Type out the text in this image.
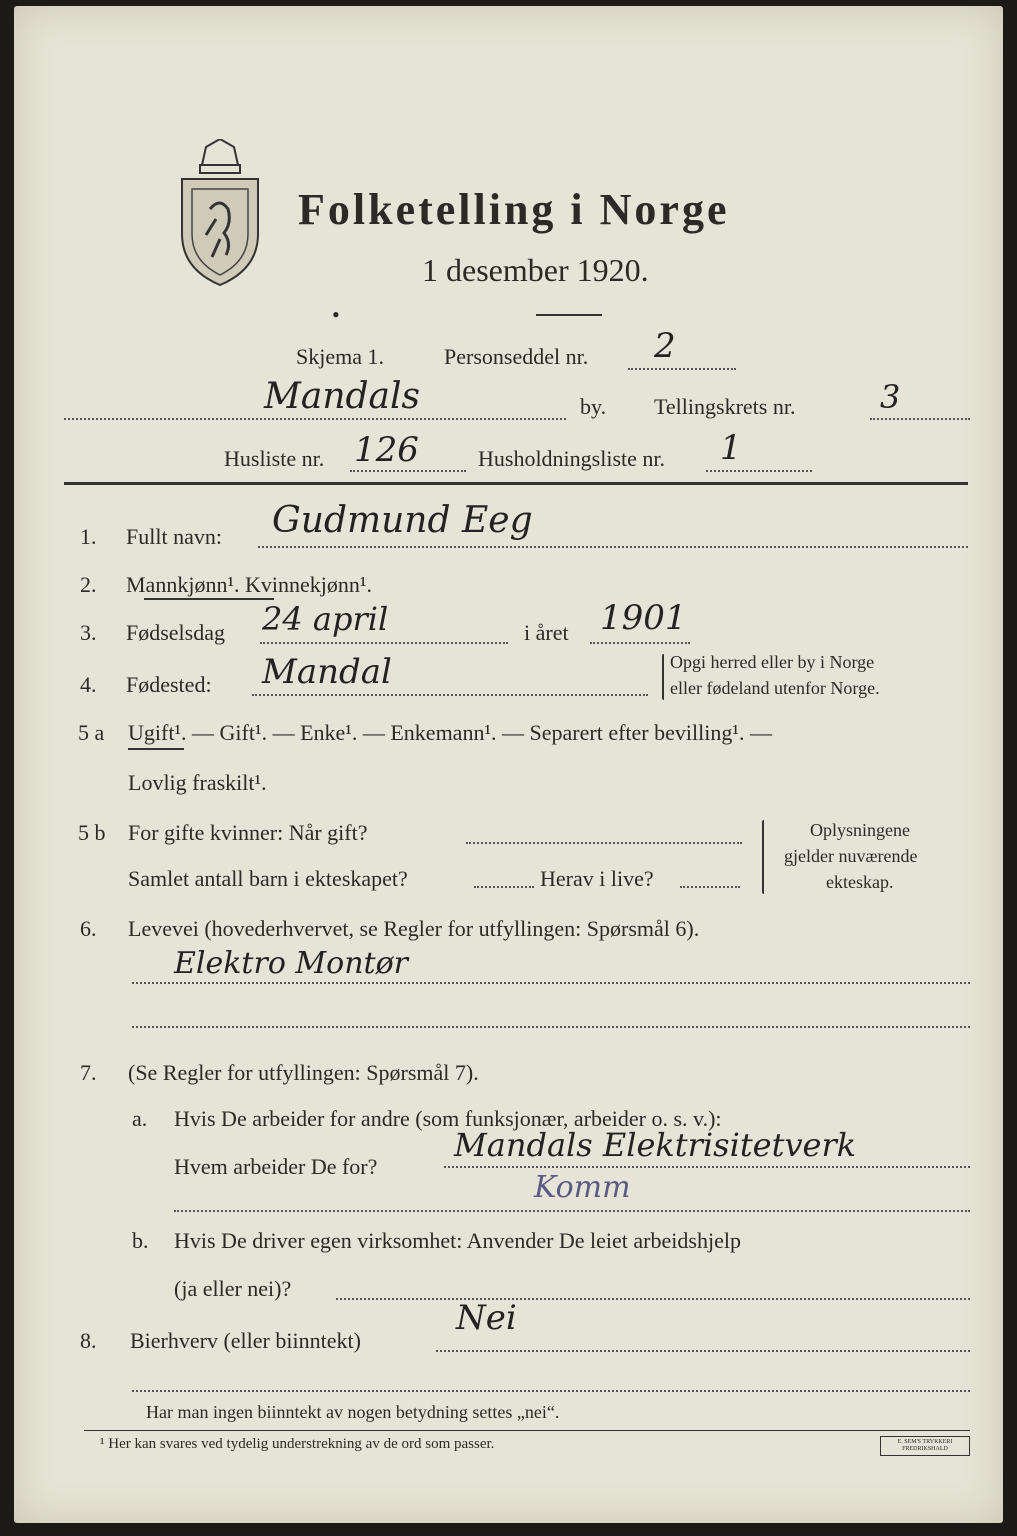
Folketelling i Norge
1 desember 1920.
•
Skjema 1.	Personseddel nr. 2
Mandals	by. Tellingskrets nr.	3
Husliste nr. 126	Husholdningsliste nr. 1
1. Fullt navn: Gudmund Eeg
2. Mannkjønn¹. Kvinnekjønn¹.
3. Fødselsdag 24 april	i året 1901
4. Fødested: Mandal	Opgi herred eller by i Norge
eller fødeland utenfor Norge.
5 a Ugift¹. — Gift¹. — Enke¹. — Enkemann¹. — Separert efter bevilling¹. —
Lovlig fraskilt¹.
5 b For gifte kvinner: Når gift?
Samlet antall barn i ekteskapet?	Herav i live?
Oplysningene
gjelder nuværende
ekteskap.
6. Levevei (hovederhvervet, se Regler for utfyllingen: Spørsmål 6).
Elektro Montør
7. (Se Regler for utfyllingen: Spørsmål 7).
a. Hvis De arbeider for andre (som funksjonær, arbeider o. s. v.):
Hvem arbeider De for?
Mandals Elektrisitetverk
Komm
b. Hvis De driver egen virksomhet: Anvender De leiet arbeidshjelp
(ja eller nei)?
8. Bierhverv (eller biinntekt)
Nei
Har man ingen biinntekt av nogen betydning settes „nei“.
¹ Her kan svares ved tydelig understrekning av de ord som passer.	E. SEM'S TRYKKERI FREDRIKSHALD
